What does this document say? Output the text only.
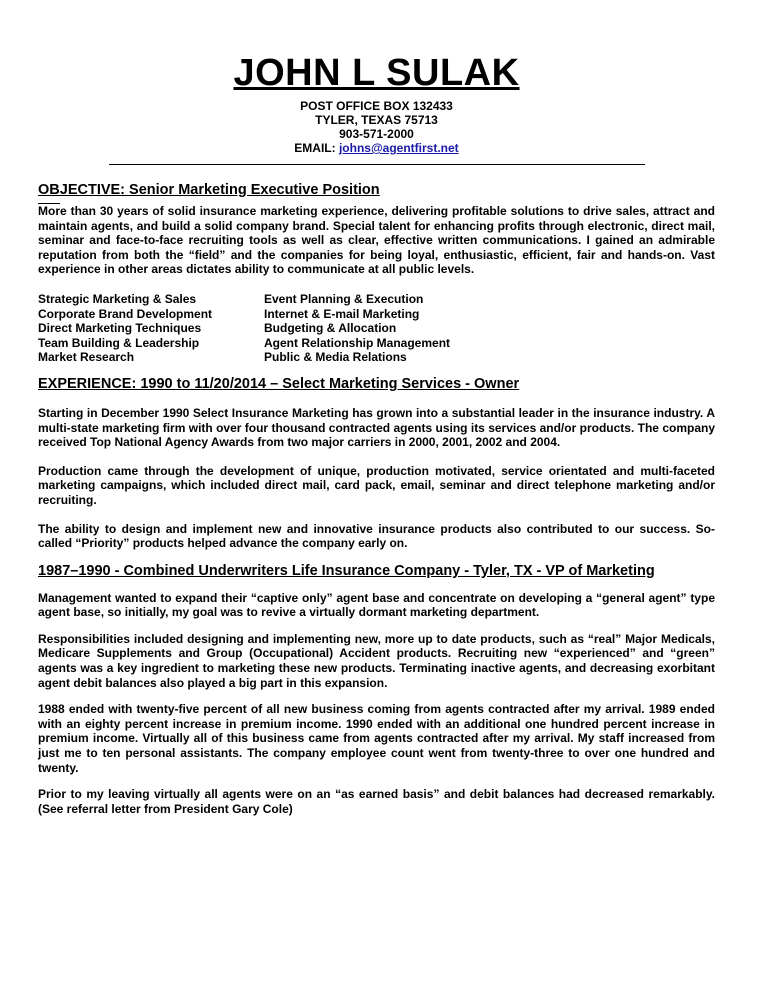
JOHN L SULAK
POST OFFICE BOX 132433
TYLER, TEXAS 75713
903-571-2000
EMAIL: johns@agentfirst.net
OBJECTIVE: Senior Marketing Executive Position

More than 30 years of solid insurance marketing experience, delivering profitable solutions to drive sales, attract and maintain agents, and build a solid company brand. Special talent for enhancing profits through electronic, direct mail, seminar and face-to-face recruiting tools as well as clear, effective written communications. I gained an admirable reputation from both the “field” and the companies for being loyal, enthusiastic, efficient, fair and hands-on. Vast experience in other areas dictates ability to communicate at all public levels.

Strategic Marketing & Sales
Corporate Brand Development
Direct Marketing Techniques
Team Building & Leadership
Market Research
Event Planning & Execution
Internet & E-mail Marketing
Budgeting & Allocation
Agent Relationship Management
Public & Media Relations
EXPERIENCE: 1990 to 11/20/2014 – Select Marketing Services - Owner

Starting in December 1990 Select Insurance Marketing has grown into a substantial leader in the insurance industry. A multi-state marketing firm with over four thousand contracted agents using its services and/or products. The company received Top National Agency Awards from two major carriers in 2000, 2001, 2002 and 2004.

Production came through the development of unique, production motivated, service orientated and multi-faceted marketing campaigns, which included direct mail, card pack, email, seminar and direct telephone marketing and/or recruiting.

The ability to design and implement new and innovative insurance products also contributed to our success. So-called “Priority” products helped advance the company early on.

1987–1990 - Combined Underwriters Life Insurance Company - Tyler, TX - VP of Marketing

Management wanted to expand their “captive only” agent base and concentrate on developing a “general agent” type agent base, so initially, my goal was to revive a virtually dormant marketing department.

Responsibilities included designing and implementing new, more up to date products, such as “real” Major Medicals, Medicare Supplements and Group (Occupational) Accident products. Recruiting new “experienced” and “green” agents was a key ingredient to marketing these new products. Terminating inactive agents, and decreasing exorbitant agent debit balances also played a big part in this expansion.

1988 ended with twenty-five percent of all new business coming from agents contracted after my arrival. 1989 ended with an eighty percent increase in premium income. 1990 ended with an additional one hundred percent increase in premium income. Virtually all of this business came from agents contracted after my arrival. My staff increased from just me to ten personal assistants. The company employee count went from twenty-three to over one hundred and twenty.

Prior to my leaving virtually all agents were on an “as earned basis” and debit balances had decreased remarkably. (See referral letter from President Gary Cole)
